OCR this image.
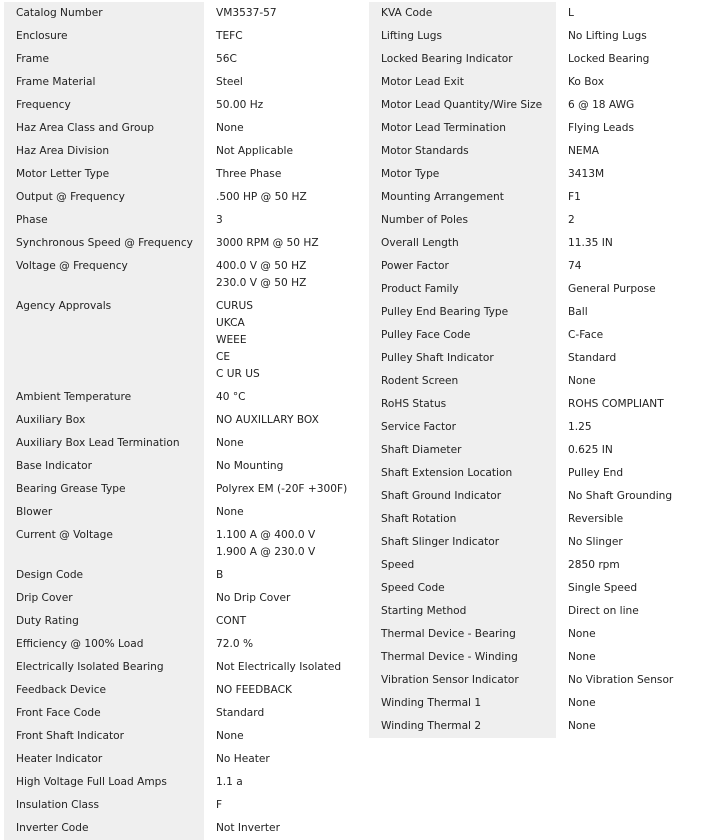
Catalog Number	VM3537-57
Enclosure	TEFC
Frame	56C
Frame Material	Steel
Frequency	50.00 Hz
Haz Area Class and Group	None
Haz Area Division	Not Applicable
Motor Letter Type	Three Phase
Output @ Frequency	.500 HP @ 50 HZ
Phase	3
Synchronous Speed @ Frequency	3000 RPM @ 50 HZ
Voltage @ Frequency	400.0 V @ 50 HZ
230.0 V @ 50 HZ
Agency Approvals	CURUS
UKCA
WEEE
CE
C UR US
Ambient Temperature	40 °C
Auxiliary Box	NO AUXILLARY BOX
Auxiliary Box Lead Termination	None
Base Indicator	No Mounting
Bearing Grease Type	Polyrex EM (-20F +300F)
Blower	None
Current @ Voltage	1.100 A @ 400.0 V
1.900 A @ 230.0 V
Design Code	B
Drip Cover	No Drip Cover
Duty Rating	CONT
Efficiency @ 100% Load	72.0 %
Electrically Isolated Bearing	Not Electrically Isolated
Feedback Device	NO FEEDBACK
Front Face Code	Standard
Front Shaft Indicator	None
Heater Indicator	No Heater
High Voltage Full Load Amps	1.1 a
Insulation Class	F
Inverter Code	Not Inverter
KVA Code	L
Lifting Lugs	No Lifting Lugs
Locked Bearing Indicator	Locked Bearing
Motor Lead Exit	Ko Box
Motor Lead Quantity/Wire Size	6 @ 18 AWG
Motor Lead Termination	Flying Leads
Motor Standards	NEMA
Motor Type	3413M
Mounting Arrangement	F1
Number of Poles	2
Overall Length	11.35 IN
Power Factor	74
Product Family	General Purpose
Pulley End Bearing Type	Ball
Pulley Face Code	C-Face
Pulley Shaft Indicator	Standard
Rodent Screen	None
RoHS Status	ROHS COMPLIANT
Service Factor	1.25
Shaft Diameter	0.625 IN
Shaft Extension Location	Pulley End
Shaft Ground Indicator	No Shaft Grounding
Shaft Rotation	Reversible
Shaft Slinger Indicator	No Slinger
Speed	2850 rpm
Speed Code	Single Speed
Starting Method	Direct on line
Thermal Device - Bearing	None
Thermal Device - Winding	None
Vibration Sensor Indicator	No Vibration Sensor
Winding Thermal 1	None
Winding Thermal 2	None
